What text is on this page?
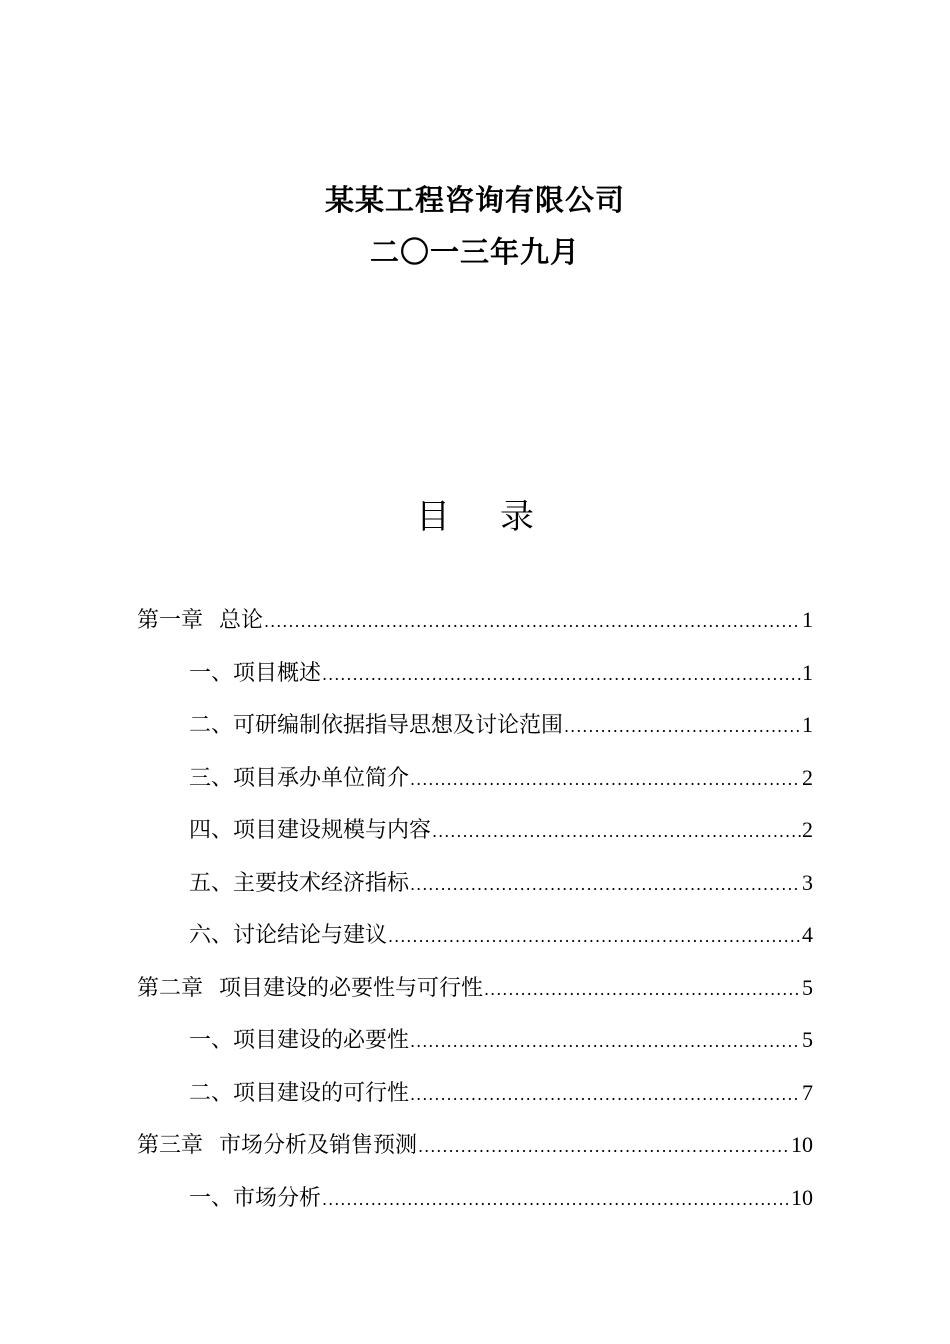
某某工程咨询有限公司
二〇一三年九月
目 录
第一章 总论 .....	1
一、项目概述 .....	1
二、可研编制依据指导思想及讨论范围 .....	1
三、项目承办单位简介 .....	2
四、项目建设规模与内容 .....	2
五、主要技术经济指标 .....	3
六、讨论结论与建议 .....	4
第二章 项目建设的必要性与可行性 .....	5
一、项目建设的必要性 .....	5
二、项目建设的可行性 .....	7
第三章 市场分析及销售预测 .....	10
一、市场分析 .....	10
